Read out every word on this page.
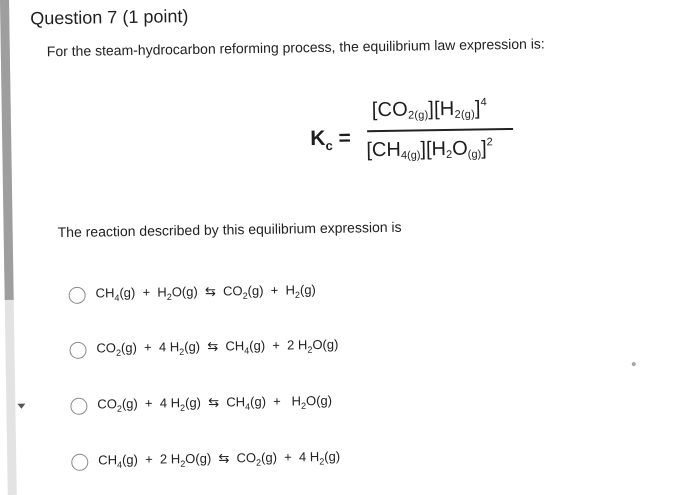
Question 7 (1 point)
For the steam-hydrocarbon reforming process, the equilibrium law expression is:
$K_c$ =
$[CO2(g)][H2(g)]^4$
$[CH4(g)][H2O(g)]^2$
The reaction described by this equilibrium expression is
$CH_4(g) + H_2O(g)$  ⇆  $CO_2(g) + H_2(g)$
$CO_2(g) + 4$ $H_2(g)$  ⇆  $CH_4(g) + 2$ $H_2O(g)$
$CO_2(g) + 4$ $H_2(g)$  ⇆  $CH_4(g) + H_2O(g)$
$CH_4(g) + 2$ $H_2O(g)$  ⇆  $CO_2(g) + 4$ $H_2(g)$
